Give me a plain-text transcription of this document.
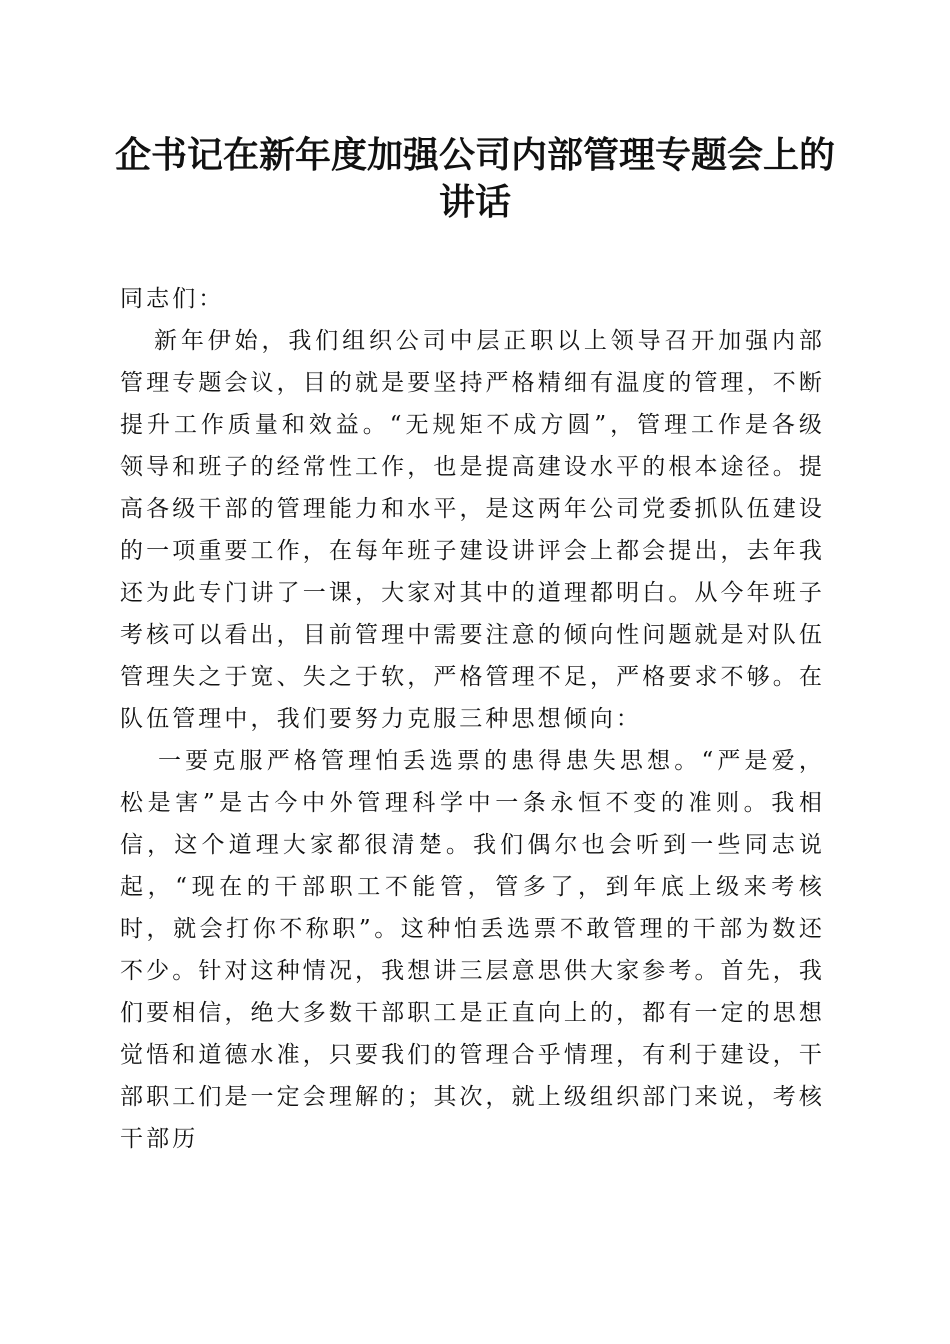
企书记在新年度加强公司内部管理专题会上的讲话

同志们：

新年伊始，我们组织公司中层正职以上领导召开加强内部管理专题会议，目的就是要坚持严格精细有温度的管理，不断提升工作质量和效益。“无规矩不成方圆”，管理工作是各级领导和班子的经常性工作，也是提高建设水平的根本途径。提高各级干部的管理能力和水平，是这两年公司党委抓队伍建设的一项重要工作，在每年班子建设讲评会上都会提出，去年我还为此专门讲了一课，大家对其中的道理都明白。从今年班子考核可以看出，目前管理中需要注意的倾向性问题就是对队伍管理失之于宽、失之于软，严格管理不足，严格要求不够。在队伍管理中，我们要努力克服三种思想倾向：

一要克服严格管理怕丢选票的患得患失思想。“严是爱，松是害”是古今中外管理科学中一条永恒不变的准则。我相信，这个道理大家都很清楚。我们偶尔也会听到一些同志说起，“现在的干部职工不能管，管多了，到年底上级来考核时，就会打你不称职”。这种怕丢选票不敢管理的干部为数还不少。针对这种情况，我想讲三层意思供大家参考。首先，我们要相信，绝大多数干部职工是正直向上的，都有一定的思想觉悟和道德水准，只要我们的管理合乎情理，有利于建设，干部职工们是一定会理解的；其次，就上级组织部门来说，考核干部历
